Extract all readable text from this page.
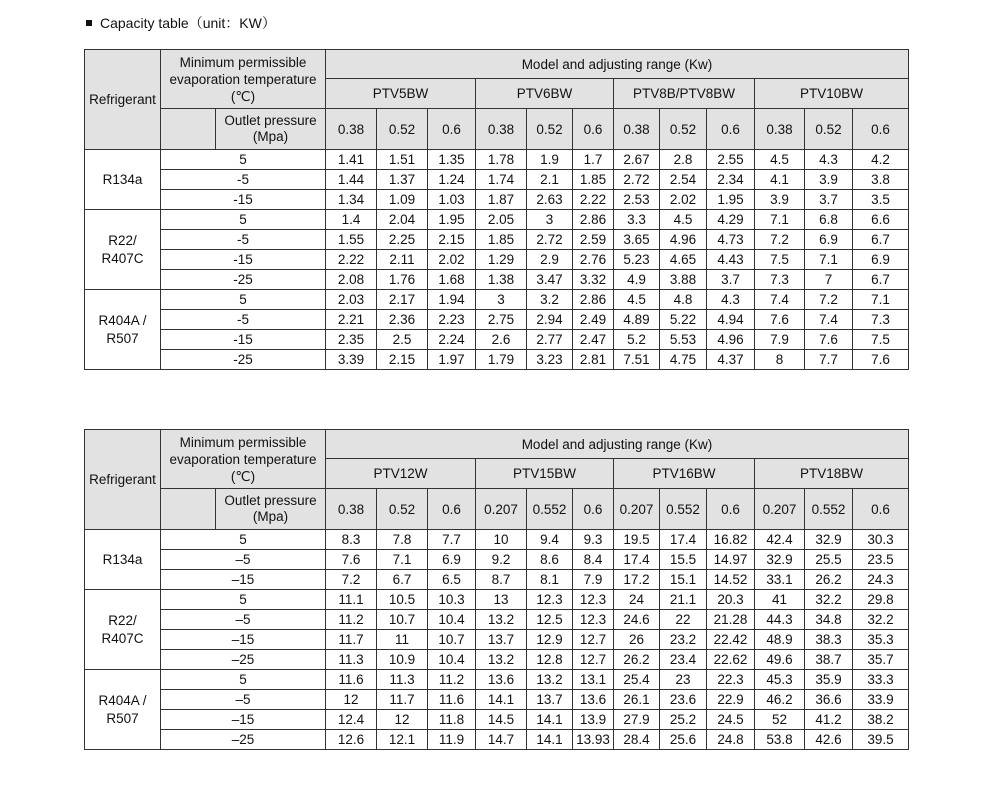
Capacity table（unit：KW）
Refrigerant	Minimum permissible
evaporation temperature
(℃)		Model and adjusting range (Kw)											
			PTV5BW			PTV6BW			PTV8B/PTV8BW			PTV10BW		

		Outlet pressure
(Mpa)	0.38	0.52	0.6	0.38	0.52	0.6	0.38	0.52	0.6	0.38	0.52	0.6

R134a	5		1.41	1.51	1.35	1.78	1.9	1.7	2.67	2.8	2.55	4.5	4.3	4.2
	-5		1.44	1.37	1.24	1.74	2.1	1.85	2.72	2.54	2.34	4.1	3.9	3.8
	-15		1.34	1.09	1.03	1.87	2.63	2.22	2.53	2.02	1.95	3.9	3.7	3.5

R22/
R407C	5		1.4	2.04	1.95	2.05	3	2.86	3.3	4.5	4.29	7.1	6.8	6.6
	-5		1.55	2.25	2.15	1.85	2.72	2.59	3.65	4.96	4.73	7.2	6.9	6.7
	-15		2.22	2.11	2.02	1.29	2.9	2.76	5.23	4.65	4.43	7.5	7.1	6.9
	-25		2.08	1.76	1.68	1.38	3.47	3.32	4.9	3.88	3.7	7.3	7	6.7

R404A /
R507	5		2.03	2.17	1.94	3	3.2	2.86	4.5	4.8	4.3	7.4	7.2	7.1
	-5		2.21	2.36	2.23	2.75	2.94	2.49	4.89	5.22	4.94	7.6	7.4	7.3
	-15		2.35	2.5	2.24	2.6	2.77	2.47	5.2	5.53	4.96	7.9	7.6	7.5
	-25		3.39	2.15	1.97	1.79	3.23	2.81	7.51	4.75	4.37	8	7.7	7.6
Refrigerant	Minimum permissible
evaporation temperature
(℃)		Model and adjusting range (Kw)											
			PTV12W			PTV15BW			PTV16BW			PTV18BW		

		Outlet pressure
(Mpa)	0.38	0.52	0.6	0.207	0.552	0.6	0.207	0.552	0.6	0.207	0.552	0.6

R134a	5		8.3	7.8	7.7	10	9.4	9.3	19.5	17.4	16.82	42.4	32.9	30.3
	–5		7.6	7.1	6.9	9.2	8.6	8.4	17.4	15.5	14.97	32.9	25.5	23.5
	–15		7.2	6.7	6.5	8.7	8.1	7.9	17.2	15.1	14.52	33.1	26.2	24.3

R22/
R407C	5		11.1	10.5	10.3	13	12.3	12.3	24	21.1	20.3	41	32.2	29.8
	–5		11.2	10.7	10.4	13.2	12.5	12.3	24.6	22	21.28	44.3	34.8	32.2
	–15		11.7	11	10.7	13.7	12.9	12.7	26	23.2	22.42	48.9	38.3	35.3
	–25		11.3	10.9	10.4	13.2	12.8	12.7	26.2	23.4	22.62	49.6	38.7	35.7

R404A /
R507	5		11.6	11.3	11.2	13.6	13.2	13.1	25.4	23	22.3	45.3	35.9	33.3
	–5		12	11.7	11.6	14.1	13.7	13.6	26.1	23.6	22.9	46.2	36.6	33.9
	–15		12.4	12	11.8	14.5	14.1	13.9	27.9	25.2	24.5	52	41.2	38.2
	–25		12.6	12.1	11.9	14.7	14.1	13.93	28.4	25.6	24.8	53.8	42.6	39.5
